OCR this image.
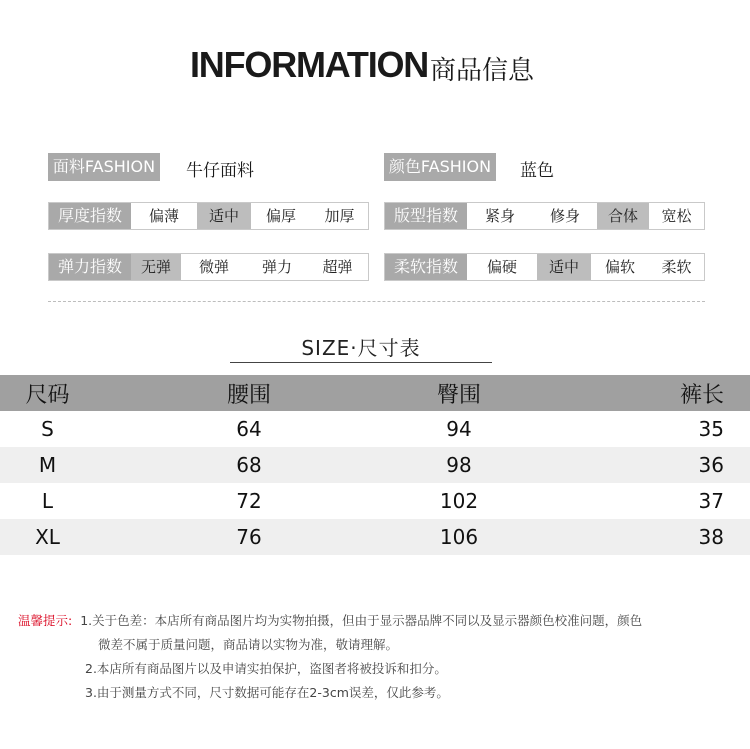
INFORMATION 商品信息
面料FASHION 牛仔面料	颜色FASHION 蓝色
厚度指数	偏薄	适中	偏厚	加厚	版型指数	紧身	修身	合体	宽松
弹力指数	无弹	微弹	弹力	超弹	柔软指数	偏硬	适中	偏软	柔软
SIZE·尺寸表
尺码	腰围	臀围	裤长
S	64	94	35
M	68	98	36
L	72	102	37
XL	76	106	38
温馨提示: 1.关于色差：本店所有商品图片均为实物拍摄，但由于显示器品牌不同以及显示器颜色校准问题，颜色
微差不属于质量问题，商品请以实物为准，敬请理解。
2.本店所有商品图片以及申请实拍保护，盗图者将被投诉和扣分。
3.由于测量方式不同，尺寸数据可能存在2-3cm误差，仅此参考。
